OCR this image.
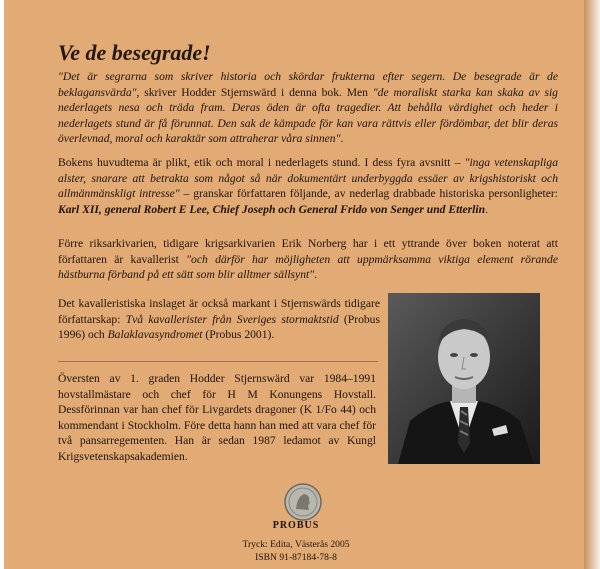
Ve de besegrade!

"Det är segrarna som skriver historia och skördar frukterna efter segern. De besegrade är de beklagansvärda", skriver Hodder Stjernswärd i denna bok. Men "de moraliskt starka kan skaka av sig nederlagets nesa och träda fram. Deras öden är ofta tragedier. Att behålla värdighet och heder i nederlagets stund är få förunnat. Den sak de kämpade för kan vara rättvis eller fördömbar, det blir deras överlevnad, moral och karaktär som attraherar våra sinnen".

Bokens huvudtema är plikt, etik och moral i nederlagets stund. I dess fyra avsnitt – "inga vetenskapliga alster, snarare att betrakta som något så när dokumentärt underbyggda essäer av krigshistoriskt och allmänmänskligt intresse" – granskar författaren följande, av nederlag drabbade historiska personligheter: Karl XII, general Robert E Lee, Chief Joseph och General Frido von Senger und Etterlin.

Förre riksarkivarien, tidigare krigsarkivarien Erik Norberg har i ett yttrande över boken noterat att författaren är kavallerist "och därför har möjligheten att uppmärksamma viktiga element rörande hästburna förband på ett sätt som blir alltmer sällsynt".

Det kavalleristiska inslaget är också markant i Stjernswärds tidigare författarskap: Två kavallerister från Sveriges stormaktstid (Probus 1996) och Balaklavasyndromet (Probus 2001).

Översten av 1. graden Hodder Stjernswärd var 1984–1991 hovstallmästare och chef för H M Konungens Hovstall. Dessförinnan var han chef för Livgardets dragoner (K 1/Fo 44) och kommendant i Stockholm. Före detta hann han med att vara chef för två pansarregementen. Han är sedan 1987 ledamot av Kungl Krigsvetenskapsakademien.

PROBUS
Tryck: Edita, Västerås 2005
ISBN 91-87184-78-8
